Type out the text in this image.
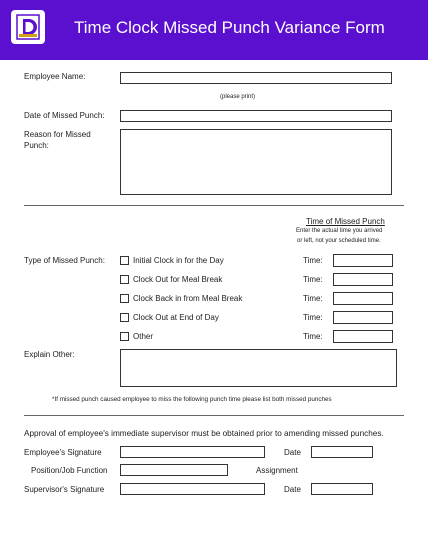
Time Clock Missed Punch Variance Form
Employee Name:
(please print)
Date of Missed Punch:
Reason for Missed
Punch:
Time of Missed Punch
Enter the actual time you arrived
or left, not your scheduled time.
Type of Missed Punch:	Initial Clock in for the Day	Time:
Clock Out for Meal Break	Time:
Clock Back in from Meal Break	Time:
Clock Out at End of Day	Time:
Other	Time:
Explain Other:
*If missed punch caused employee to miss the following punch time please list both missed punches
Approval of employee's immediate supervisor must be obtained prior to amending missed punches.
Employee's Signature	Date
Position/Job Function	Assignment
Supervisor's Signature	Date
